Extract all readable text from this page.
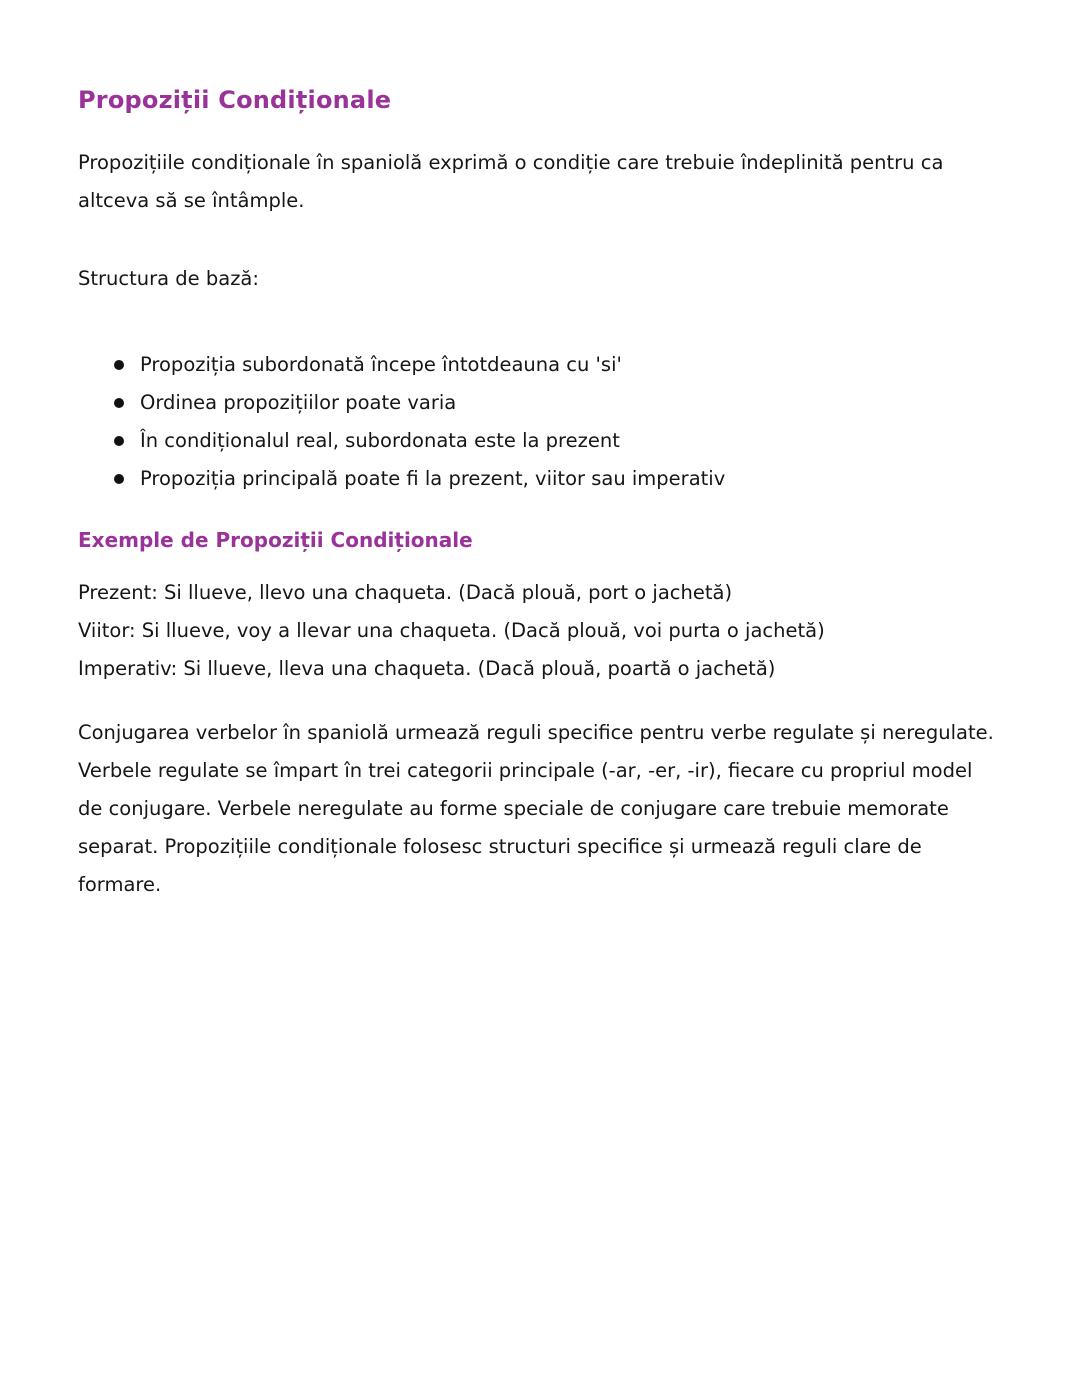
Propoziții Condiționale

Propozițiile condiționale în spaniolă exprimă o condiție care trebuie îndeplinită pentru ca altceva să se întâmple.

Structura de bază:

Propoziția subordonată începe întotdeauna cu 'si'
Ordinea propozițiilor poate varia
În condiționalul real, subordonata este la prezent
Propoziția principală poate fi la prezent, viitor sau imperativ
Exemple de Propoziții Condiționale
Prezent: Si llueve, llevo una chaqueta. (Dacă plouă, port o jachetă)
Viitor: Si llueve, voy a llevar una chaqueta. (Dacă plouă, voi purta o jachetă)
Imperativ: Si llueve, lleva una chaqueta. (Dacă plouă, poartă o jachetă)

Conjugarea verbelor în spaniolă urmează reguli specifice pentru verbe regulate și neregulate. Verbele regulate se împart în trei categorii principale (-ar, -er, -ir), fiecare cu propriul model de conjugare. Verbele neregulate au forme speciale de conjugare care trebuie memorate separat. Propozițiile condiționale folosesc structuri specifice și urmează reguli clare de formare.
